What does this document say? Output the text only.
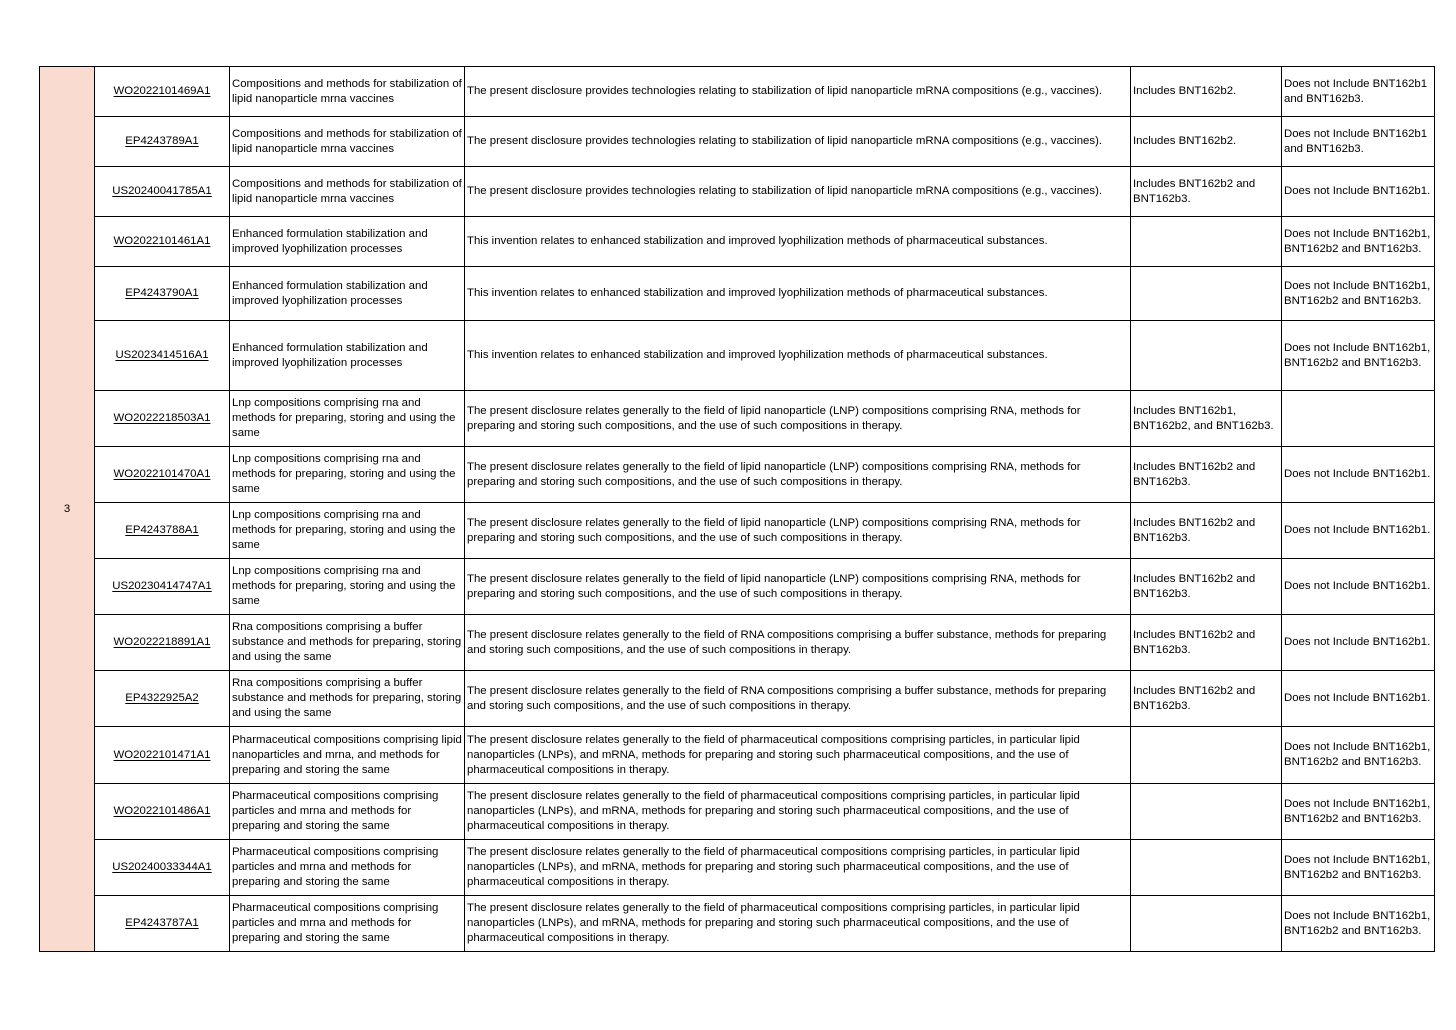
3	WO2022101469A1	Compositions and methods for stabilization of lipid nanoparticle mrna vaccines	The present disclosure provides technologies relating to stabilization of lipid nanoparticle mRNA compositions (e.g., vaccines).	Includes BNT162b2.	Does not Include BNT162b1 and BNT162b3.
	EP4243789A1	Compositions and methods for stabilization of lipid nanoparticle mrna vaccines	The present disclosure provides technologies relating to stabilization of lipid nanoparticle mRNA compositions (e.g., vaccines).	Includes BNT162b2.	Does not Include BNT162b1 and BNT162b3.
	US20240041785A1	Compositions and methods for stabilization of lipid nanoparticle mrna vaccines	The present disclosure provides technologies relating to stabilization of lipid nanoparticle mRNA compositions (e.g., vaccines).	Includes BNT162b2 and BNT162b3.	Does not Include BNT162b1.
	WO2022101461A1	Enhanced formulation stabilization and improved lyophilization processes	This invention relates to enhanced stabilization and improved lyophilization methods of pharmaceutical substances.		Does not Include BNT162b1, BNT162b2 and BNT162b3.
	EP4243790A1	Enhanced formulation stabilization and improved lyophilization processes	This invention relates to enhanced stabilization and improved lyophilization methods of pharmaceutical substances.		Does not Include BNT162b1, BNT162b2 and BNT162b3.
	US2023414516A1	Enhanced formulation stabilization and improved lyophilization processes	This invention relates to enhanced stabilization and improved lyophilization methods of pharmaceutical substances.		Does not Include BNT162b1, BNT162b2 and BNT162b3.
	WO2022218503A1	Lnp compositions comprising rna and methods for preparing, storing and using the same	The present disclosure relates generally to the field of lipid nanoparticle (LNP) compositions comprising RNA, methods for preparing and storing such compositions, and the use of such compositions in therapy.	Includes BNT162b1, BNT162b2, and BNT162b3.	
	WO2022101470A1	Lnp compositions comprising rna and methods for preparing, storing and using the same	The present disclosure relates generally to the field of lipid nanoparticle (LNP) compositions comprising RNA, methods for preparing and storing such compositions, and the use of such compositions in therapy.	Includes BNT162b2 and BNT162b3.	Does not Include BNT162b1.
	EP4243788A1	Lnp compositions comprising rna and methods for preparing, storing and using the same	The present disclosure relates generally to the field of lipid nanoparticle (LNP) compositions comprising RNA, methods for preparing and storing such compositions, and the use of such compositions in therapy.	Includes BNT162b2 and BNT162b3.	Does not Include BNT162b1.
	US20230414747A1	Lnp compositions comprising rna and methods for preparing, storing and using the same	The present disclosure relates generally to the field of lipid nanoparticle (LNP) compositions comprising RNA, methods for preparing and storing such compositions, and the use of such compositions in therapy.	Includes BNT162b2 and BNT162b3.	Does not Include BNT162b1.
	WO2022218891A1	Rna compositions comprising a buffer substance and methods for preparing, storing and using the same	The present disclosure relates generally to the field of RNA compositions comprising a buffer substance, methods for preparing and storing such compositions, and the use of such compositions in therapy.	Includes BNT162b2 and BNT162b3.	Does not Include BNT162b1.
	EP4322925A2	Rna compositions comprising a buffer substance and methods for preparing, storing and using the same	The present disclosure relates generally to the field of RNA compositions comprising a buffer substance, methods for preparing and storing such compositions, and the use of such compositions in therapy.	Includes BNT162b2 and BNT162b3.	Does not Include BNT162b1.
	WO2022101471A1	Pharmaceutical compositions comprising lipid nanoparticles and mrna, and methods for preparing and storing the same	The present disclosure relates generally to the field of pharmaceutical compositions comprising particles, in particular lipid nanoparticles (LNPs), and mRNA, methods for preparing and storing such pharmaceutical compositions, and the use of pharmaceutical compositions in therapy.		Does not Include BNT162b1, BNT162b2 and BNT162b3.
	WO2022101486A1	Pharmaceutical compositions comprising particles and mrna and methods for preparing and storing the same	The present disclosure relates generally to the field of pharmaceutical compositions comprising particles, in particular lipid nanoparticles (LNPs), and mRNA, methods for preparing and storing such pharmaceutical compositions, and the use of pharmaceutical compositions in therapy.		Does not Include BNT162b1, BNT162b2 and BNT162b3.
	US20240033344A1	Pharmaceutical compositions comprising particles and mrna and methods for preparing and storing the same	The present disclosure relates generally to the field of pharmaceutical compositions comprising particles, in particular lipid nanoparticles (LNPs), and mRNA, methods for preparing and storing such pharmaceutical compositions, and the use of pharmaceutical compositions in therapy.		Does not Include BNT162b1, BNT162b2 and BNT162b3.
	EP4243787A1	Pharmaceutical compositions comprising particles and mrna and methods for preparing and storing the same	The present disclosure relates generally to the field of pharmaceutical compositions comprising particles, in particular lipid nanoparticles (LNPs), and mRNA, methods for preparing and storing such pharmaceutical compositions, and the use of pharmaceutical compositions in therapy.		Does not Include BNT162b1, BNT162b2 and BNT162b3.
